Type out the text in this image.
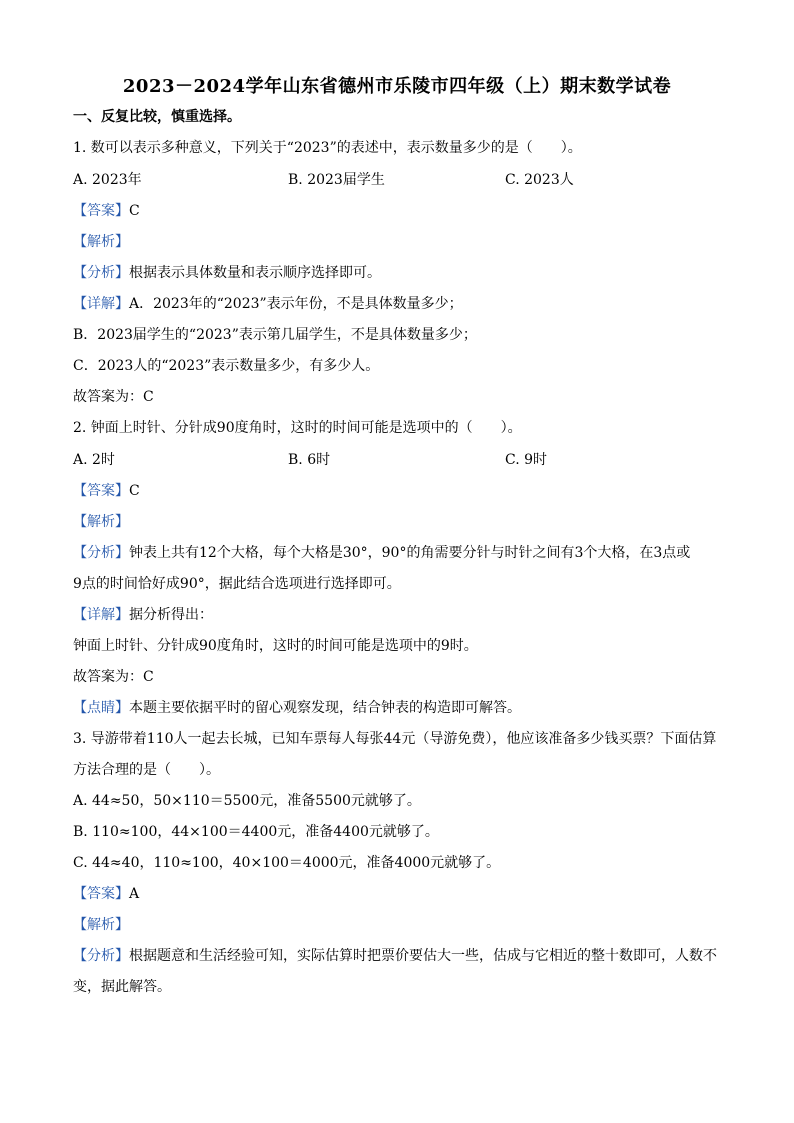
2023－2024学年山东省德州市乐陵市四年级（上）期末数学试卷
一、反复比较，慎重选择。
1. 数可以表示多种意义，下列关于“2023”的表述中，表示数量多少的是（　　）。
A. 2023年	B. 2023届学生	C. 2023人
【答案】C
【解析】
【分析】根据表示具体数量和表示顺序选择即可。
【详解】A．2023年的“2023”表示年份，不是具体数量多少；
B．2023届学生的“2023”表示第几届学生，不是具体数量多少；
C．2023人的“2023”表示数量多少，有多少人。
故答案为：C
2. 钟面上时针、分针成90度角时，这时的时间可能是选项中的（　　）。
A. 2时	B. 6时	C. 9时
【答案】C
【解析】
【分析】钟表上共有12个大格，每个大格是30°，90°的角需要分针与时针之间有3个大格，在3点或
9点的时间恰好成90°，据此结合选项进行选择即可。
【详解】据分析得出：
钟面上时针、分针成90度角时，这时的时间可能是选项中的9时。
故答案为：C
【点睛】本题主要依据平时的留心观察发现，结合钟表的构造即可解答。
3. 导游带着110人一起去长城，已知车票每人每张44元（导游免费），他应该准备多少钱买票？下面估算
方法合理的是（　　）。
A. 44≈50，50×110＝5500元，准备5500元就够了。
B. 110≈100，44×100＝4400元，准备4400元就够了。
C. 44≈40，110≈100，40×100＝4000元，准备4000元就够了。
【答案】A
【解析】
【分析】根据题意和生活经验可知，实际估算时把票价要估大一些，估成与它相近的整十数即可，人数不
变，据此解答。
